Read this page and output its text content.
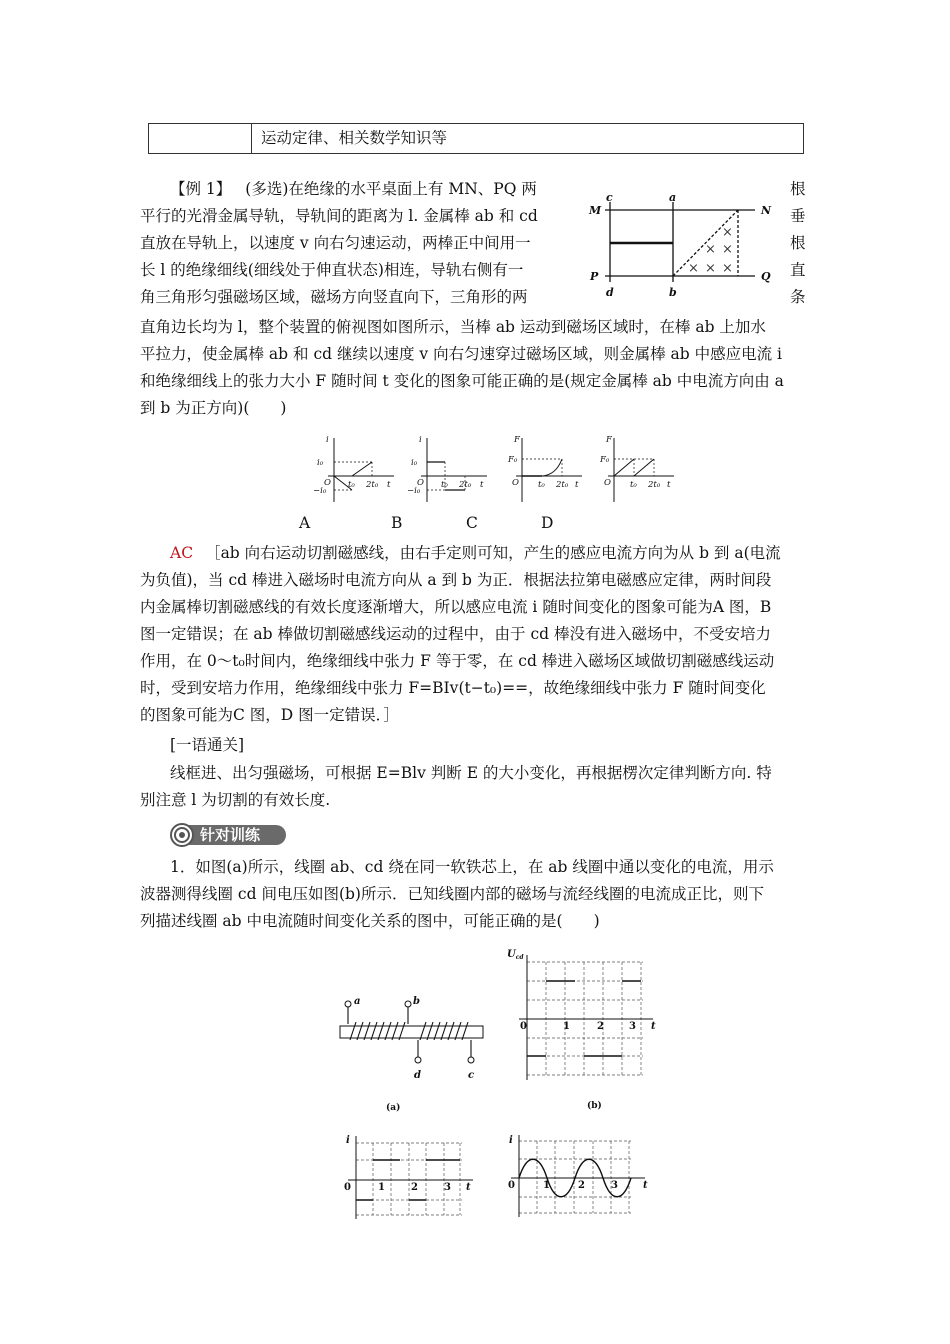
运动定律、相关数学知识等
【例 1】 (多选)在绝缘的水平桌面上有 MN、PQ 两
平行的光滑金属导轨，导轨间的距离为 l. 金属棒 ab 和 cd
直放在导轨上，以速度 v 向右匀速运动，两棒正中间用一
长 l 的绝缘细线(细线处于伸直状态)相连，导轨右侧有一
角三角形匀强磁场区域，磁场方向竖直向下，三角形的两
根
垂
根
直
条
直角边长均为 l，整个装置的俯视图如图所示，当棒 ab 运动到磁场区域时，在棒 ab 上加水
平拉力，使金属棒 ab 和 cd 继续以速度 v 向右匀速穿过磁场区域，则金属棒 ab 中感应电流 i
和绝缘细线上的张力大小 F 随时间 t 变化的图象可能正确的是(规定金属棒 ab 中电流方向由 a
到 b 为正方向)(　　)
M	N
P	Q
c	a
d	b
×
× ×
× × ×
i
i₀
−i₀
t₀ 2t₀ t
O
i
i₀
−i₀
t₀ 2t₀ t
O
F
F₀
t₀ 2t₀ t
O
F
F₀
t₀ 2t₀ t
O
A	B	C	D
AC ［ab 向右运动切割磁感线，由右手定则可知，产生的感应电流方向为从 b 到 a(电流
为负值)，当 cd 棒进入磁场时电流方向从 a 到 b 为正．根据法拉第电磁感应定律，两时间段
内金属棒切割磁感线的有效长度逐渐增大，所以感应电流 i 随时间变化的图象可能为A 图，B
图一定错误；在 ab 棒做切割磁感线运动的过程中，由于 cd 棒没有进入磁场中，不受安培力
作用，在 0～t₀时间内，绝缘细线中张力 F 等于零，在 cd 棒进入磁场区域做切割磁感线运动
时，受到安培力作用，绝缘细线中张力 F=BIv(t−t₀)==，故绝缘细线中张力 F 随时间变化
的图象可能为C 图，D 图一定错误．］
[一语通关]
线框进、出匀强磁场，可根据 E=Blv 判断 E 的大小变化，再根据楞次定律判断方向. 特
别注意 l 为切割的有效长度.
针对训练
1．如图(a)所示，线圈 ab、cd 绕在同一软铁芯上，在 ab 线圈中通以变化的电流，用示
波器测得线圈 cd 间电压如图(b)所示．已知线圈内部的磁场与流经线圈的电流成正比，则下
列描述线圈 ab 中电流随时间变化关系的图中，可能正确的是(　　)
a	b
d	c
(a)
$U_{cd}$
0	1	2	3 t
(b)
i
0	1	2	3 t
i
0	1	2	3	t
